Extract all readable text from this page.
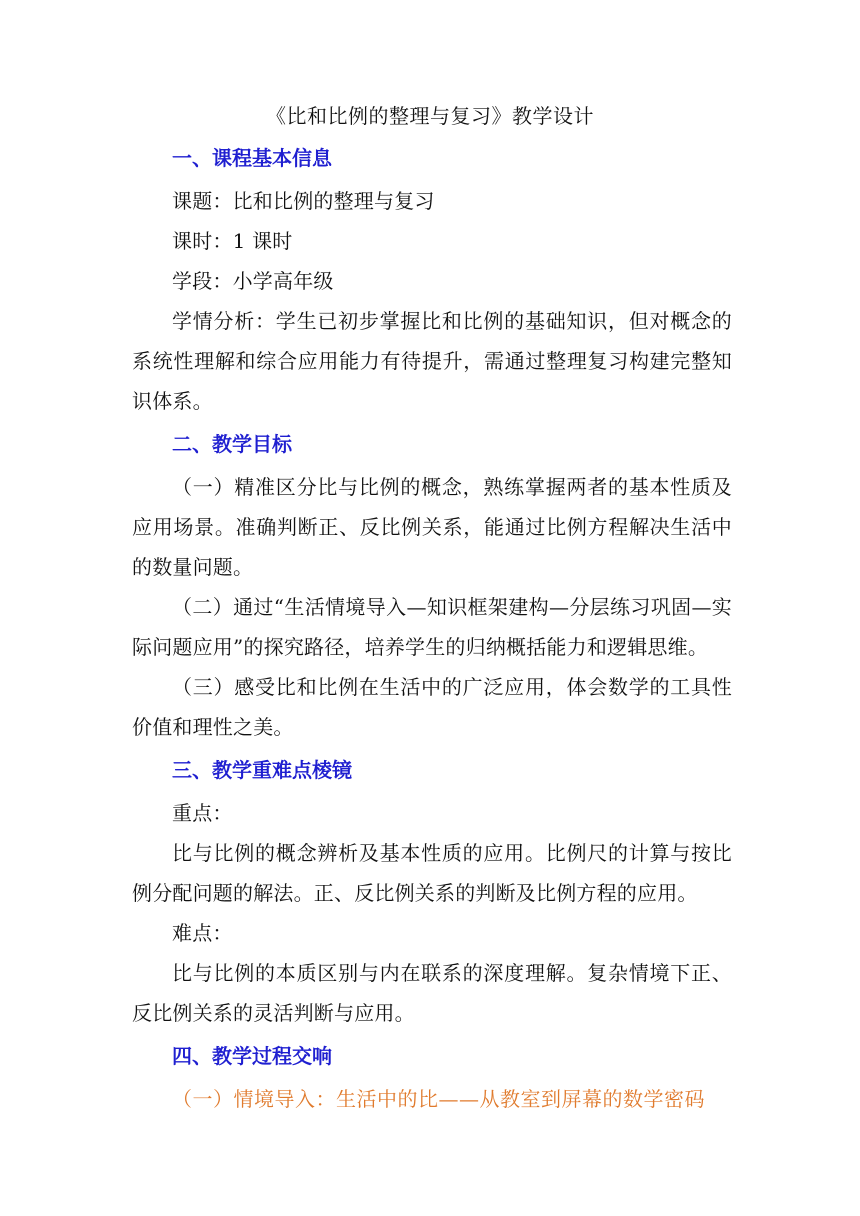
《比和比例的整理与复习》教学设计

一、课程基本信息

课题：比和比例的整理与复习

课时：1 课时

学段：小学高年级

学情分析：学生已初步掌握比和比例的基础知识，但对概念的系统性理解和综合应用能力有待提升，需通过整理复习构建完整知识体系。

二、教学目标

（一）精准区分比与比例的概念，熟练掌握两者的基本性质及应用场景。准确判断正、反比例关系，能通过比例方程解决生活中的数量问题。

（二）通过“生活情境导入—知识框架建构—分层练习巩固—实际问题应用”的探究路径，培养学生的归纳概括能力和逻辑思维。

（三）感受比和比例在生活中的广泛应用，体会数学的工具性价值和理性之美。

三、教学重难点棱镜

重点：

比与比例的概念辨析及基本性质的应用。比例尺的计算与按比例分配问题的解法。正、反比例关系的判断及比例方程的应用。

难点：

比与比例的本质区别与内在联系的深度理解。复杂情境下正、反比例关系的灵活判断与应用。

四、教学过程交响

（一）情境导入：生活中的比——从教室到屏幕的数学密码
